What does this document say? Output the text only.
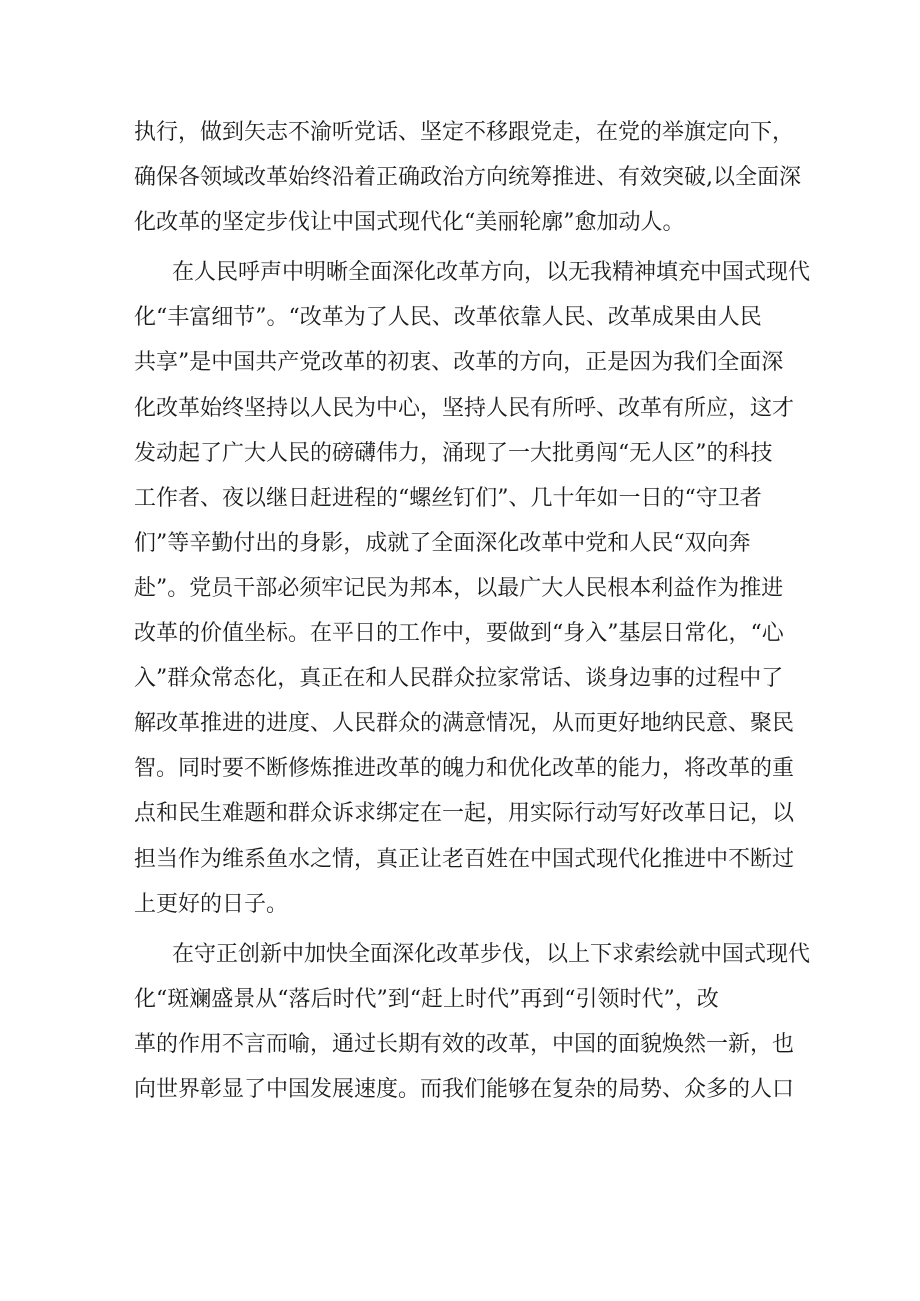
执行，做到矢志不渝听党话、坚定不移跟党走，在党的举旗定向下，
确保各领域改革始终沿着正确政治方向统筹推进、有效突破,以全面深
化改革的坚定步伐让中国式现代化“美丽轮廓”愈加动人。
在人民呼声中明晰全面深化改革方向，以无我精神填充中国式现代
化“丰富细节”。“改革为了人民、改革依靠人民、改革成果由人民
共享”是中国共产党改革的初衷、改革的方向，正是因为我们全面深
化改革始终坚持以人民为中心，坚持人民有所呼、改革有所应，这才
发动起了广大人民的磅礴伟力，涌现了一大批勇闯“无人区”的科技
工作者、夜以继日赶进程的“螺丝钉们”、几十年如一日的“守卫者
们”等辛勤付出的身影，成就了全面深化改革中党和人民“双向奔
赴”。党员干部必须牢记民为邦本，以最广大人民根本利益作为推进
改革的价值坐标。在平日的工作中，要做到“身入”基层日常化，“心
入”群众常态化，真正在和人民群众拉家常话、谈身边事的过程中了
解改革推进的进度、人民群众的满意情况，从而更好地纳民意、聚民
智。同时要不断修炼推进改革的魄力和优化改革的能力，将改革的重
点和民生难题和群众诉求绑定在一起，用实际行动写好改革日记，以
担当作为维系鱼水之情，真正让老百姓在中国式现代化推进中不断过
上更好的日子。
在守正创新中加快全面深化改革步伐，以上下求索绘就中国式现代
化“斑斓盛景从“落后时代”到“赶上时代”再到“引领时代”，改
革的作用不言而喻，通过长期有效的改革，中国的面貌焕然一新，也
向世界彰显了中国发展速度。而我们能够在复杂的局势、众多的人口
